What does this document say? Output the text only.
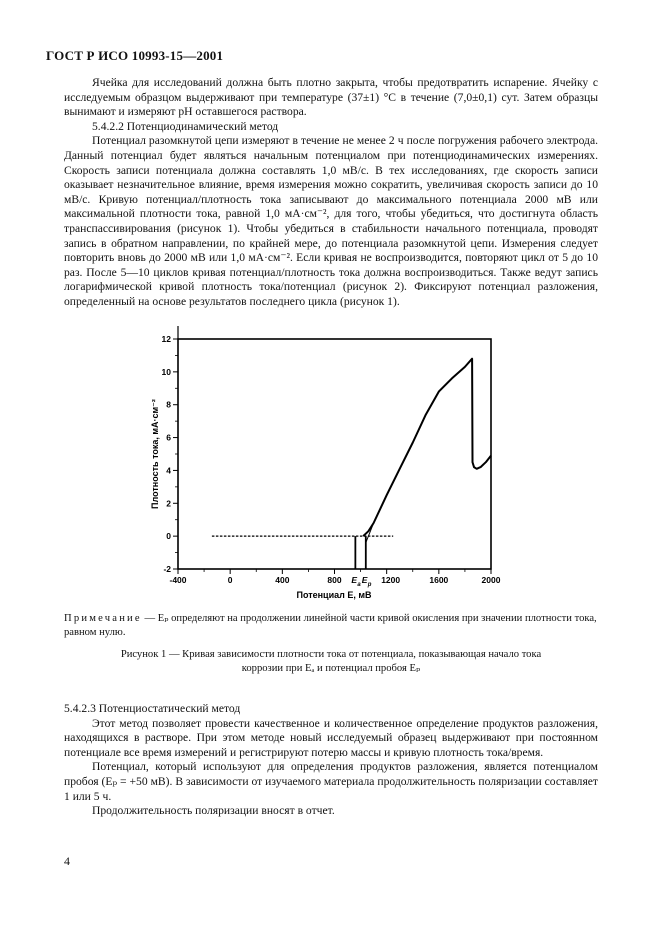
ГОСТ Р ИСО 10993-15—2001

Ячейка для исследований должна быть плотно закрыта, чтобы предотвратить испарение. Ячейку с исследуемым образцом выдерживают при температуре (37±1) °С в течение (7,0±0,1) сут. Затем образцы вынимают и измеряют рН оставшегося раствора.

5.4.2.2 Потенциодинамический метод

Потенциал разомкнутой цепи измеряют в течение не менее 2 ч после погружения рабочего электрода. Данный потенциал будет являться начальным потенциалом при потенциодинамических измерениях. Скорость записи потенциала должна составлять 1,0 мВ/с. В тех исследованиях, где скорость записи оказывает незначительное влияние, время измерения можно сократить, увеличивая скорость записи до 10 мВ/с. Кривую потенциал/плотность тока записывают до максимального потенциала 2000 мВ или максимальной плотности тока, равной 1,0 мА·см⁻², для того, чтобы убедиться, что достигнута область транспассивирования (рисунок 1). Чтобы убедиться в стабильности начального потенциала, проводят запись в обратном направлении, по крайней мере, до потенциала разомкнутой цепи. Измерения следует повторить вновь до 2000 мВ или 1,0 мА·см⁻². Если кривая не воспроизводится, повторяют цикл от 5 до 10 раз. После 5—10 циклов кривая потенциал/плотность тока должна воспроизводиться. Также ведут запись логарифмической кривой плотность тока/потенциал (рисунок 2). Фиксируют потенциал разложения, определенный на основе результатов последнего цикла (рисунок 1).

-400	0	400	800	1200	1600	2000
-2
0
2
4
6
8
10
12
E a E p
Потенциал E, мВ
Плотность тока, мА·см⁻²
Примечание — Eₚ определяют на продолжении линейной части кривой окисления при значении плотности тока, равном нулю.
Рисунок 1 — Кривая зависимости плотности тока от потенциала, показывающая начало тока
коррозии при Eₐ и потенциал пробоя Eₚ

5.4.2.3 Потенциостатический метод

Этот метод позволяет провести качественное и количественное определение продуктов разложения, находящихся в растворе. При этом методе новый исследуемый образец выдерживают при постоянном потенциале все время измерений и регистрируют потерю массы и кривую плотность тока/время.

Потенциал, который используют для определения продуктов разложения, является потенциалом пробоя (Eₚ = +50 мВ). В зависимости от изучаемого материала продолжительность поляризации составляет 1 или 5 ч.

Продолжительность поляризации вносят в отчет.

4
